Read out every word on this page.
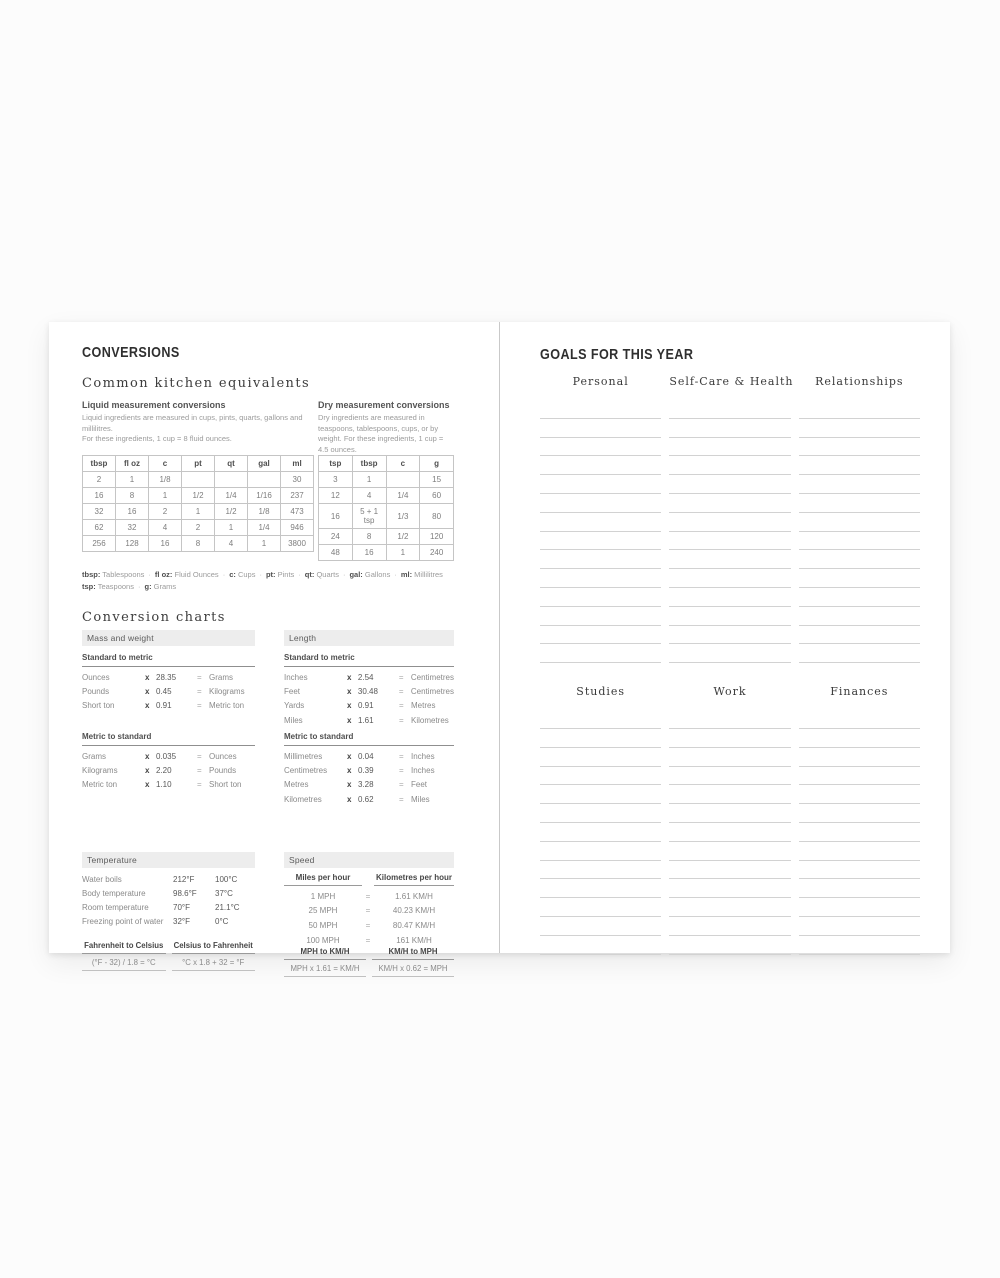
CONVERSIONS
Common kitchen equivalents

Liquid measurement conversions

Liquid ingredients are measured in cups, pints, quarts, gallons and millilitres.
For these ingredients, 1 cup = 8 fluid ounces.

tbsp	fl oz	c	pt	qt	gal	ml
2	1	1/8				30
16	8	1	1/2	1/4	1/16	237
32	16	2	1	1/2	1/8	473
62	32	4	2	1	1/4	946
256	128	16	8	4	1	3800

Dry measurement conversions

Dry ingredients are measured in teaspoons, tablespoons, cups, or by weight. For these ingredients, 1 cup = 4.5 ounces.

tsp	tbsp	c	g
3	1		15
12	4	1/4	60
16	5 + 1 tsp	1/3	80
24	8	1/2	120
48	16	1	240
tbsp: Tablespoons · fl oz: Fluid Ounces · c: Cups · pt: Pints · qt: Quarts · gal: Gallons · ml: Millilitres
tsp: Teaspoons · g: Grams
Conversion charts
Mass and weight
Standard to metric
Ounces	x 28.35	= Grams
Pounds	x 0.45	= Kilograms
Short ton	x 0.91	= Metric ton
Metric to standard
Grams	x 0.035	= Ounces
Kilograms	x 2.20	= Pounds
Metric ton	x 1.10	= Short ton
Length
Standard to metric
Inches	x 2.54	= Centimetres
Feet	x 30.48	= Centimetres
Yards	x 0.91	= Metres
Miles	x 1.61	= Kilometres
Metric to standard
Millimetres	x 0.04	= Inches
Centimetres	x 0.39	= Inches
Metres	x 3.28	= Feet
Kilometres	x 0.62	= Miles
Temperature
Water boils	212°F	100°C
Body temperature	98.6°F	37°C
Room temperature	70°F	21.1°C
Freezing point of water	32°F	0°C
Fahrenheit to Celsius
(°F - 32) / 1.8 = °C
Celsius to Fahrenheit
°C x 1.8 + 32 = °F
Speed
Miles per hour	Kilometres per hour
1 MPH	=	1.61 KM/H
25 MPH	=	40.23 KM/H
50 MPH	=	80.47 KM/H
100 MPH	=	161 KM/H
MPH to KM/H
MPH x 1.61 = KM/H
KM/H to MPH
KM/H x 0.62 = MPH
GOALS FOR THIS YEAR
Personal	Self-Care & Health	Relationships
Studies	Work	Finances
